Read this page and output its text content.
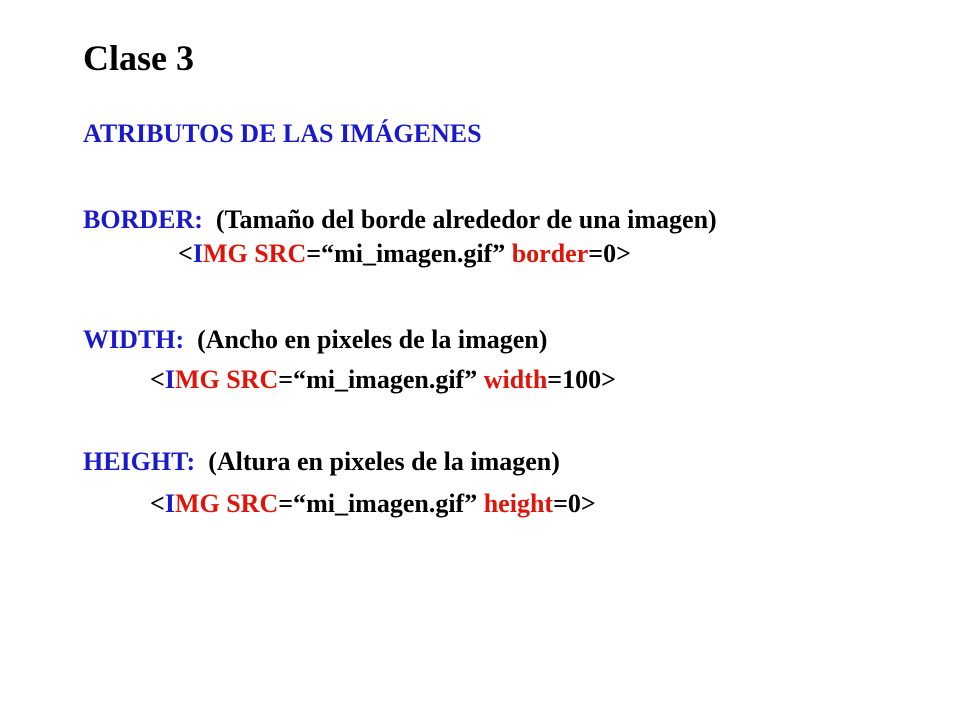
Clase 3
ATRIBUTOS DE LAS IMÁGENES
BORDER: (Tamaño del borde alrededor de una imagen)
<IMG SRC=“mi_imagen.gif” border=0>
WIDTH: (Ancho en pixeles de la imagen)
<IMG SRC=“mi_imagen.gif” width=100>
HEIGHT: (Altura en pixeles de la imagen)
<IMG SRC=“mi_imagen.gif” height=0>
